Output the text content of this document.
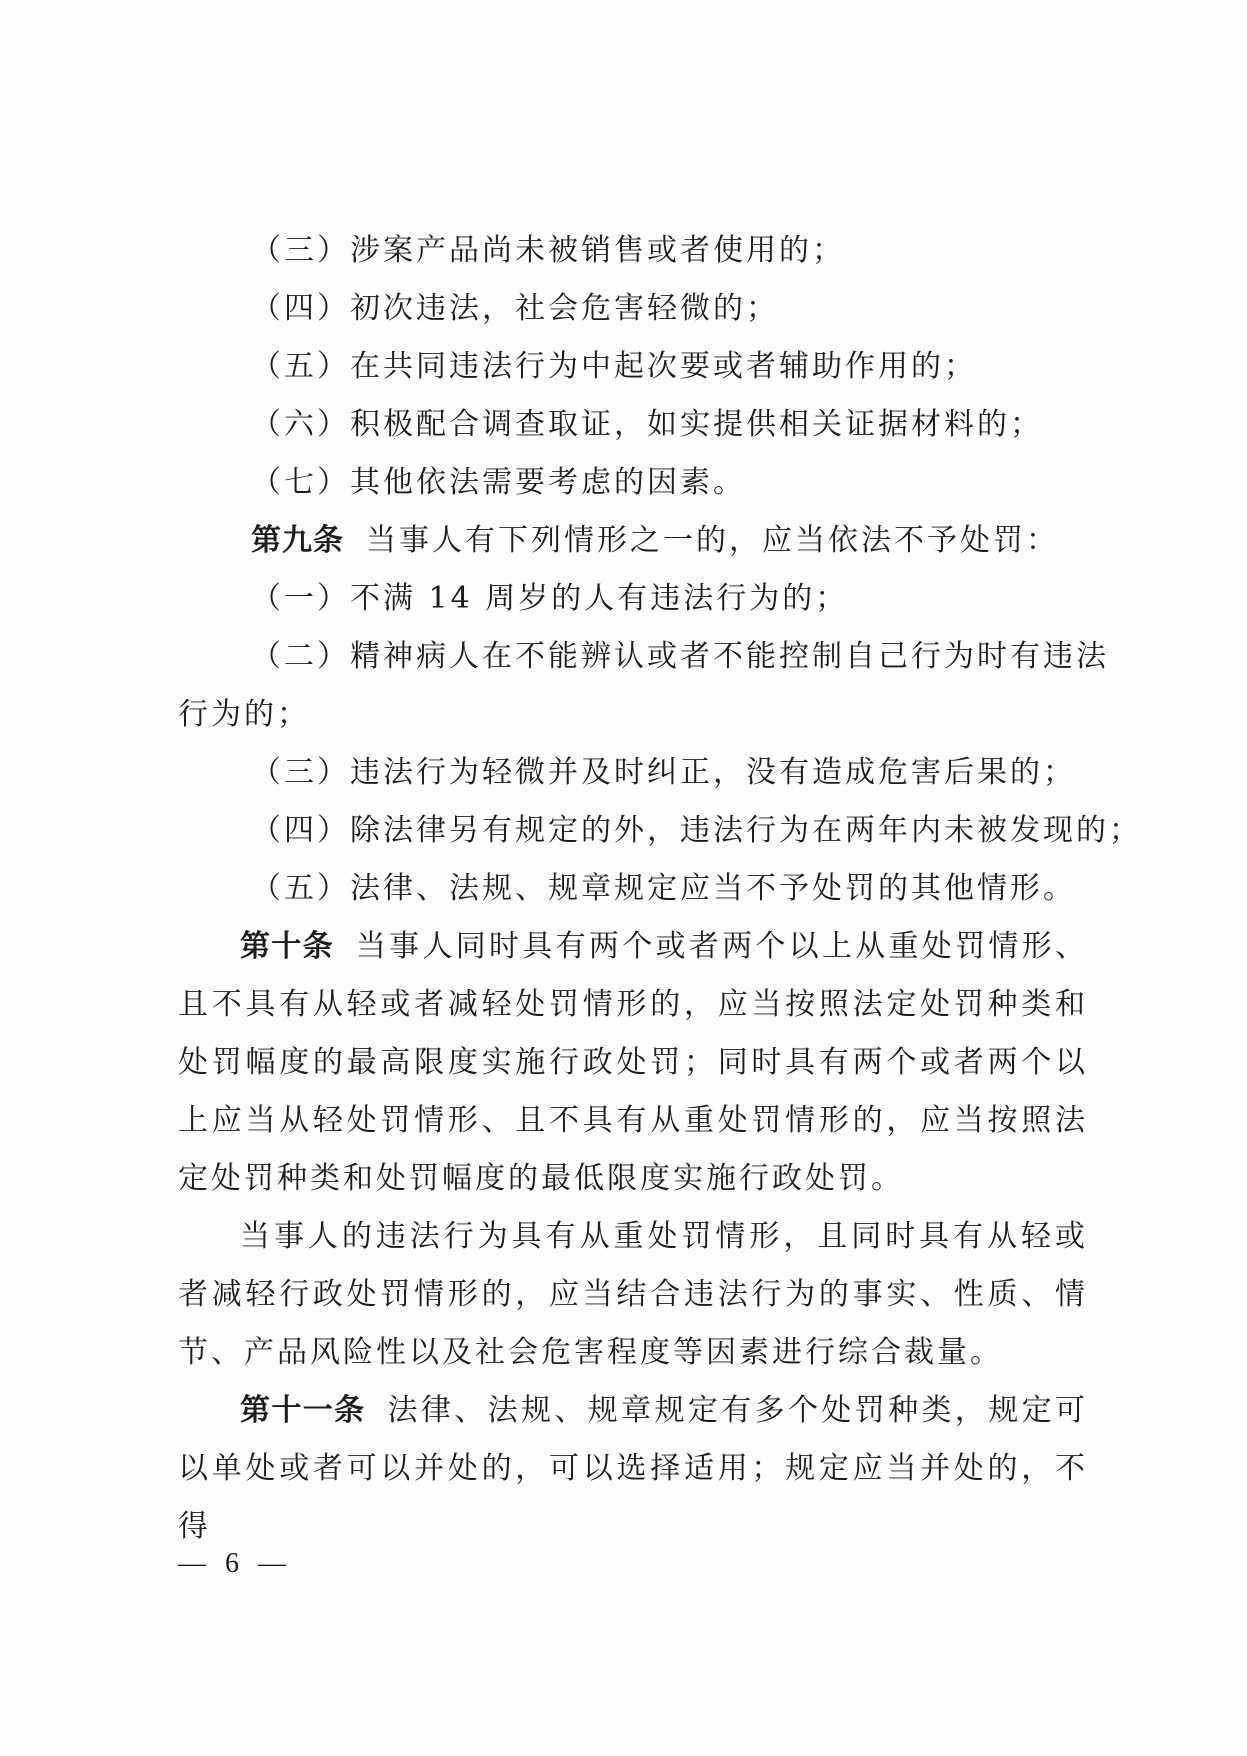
（三）涉案产品尚未被销售或者使用的；
（四）初次违法，社会危害轻微的；
（五）在共同违法行为中起次要或者辅助作用的；
（六）积极配合调查取证，如实提供相关证据材料的；
（七）其他依法需要考虑的因素。
第九条 当事人有下列情形之一的，应当依法不予处罚：
（一）不满 14 周岁的人有违法行为的；
（二）精神病人在不能辨认或者不能控制自己行为时有违法
行为的；
（三）违法行为轻微并及时纠正，没有造成危害后果的；
（四）除法律另有规定的外，违法行为在两年内未被发现的；
（五）法律、法规、规章规定应当不予处罚的其他情形。
第十条 当事人同时具有两个或者两个以上从重处罚情形、且不具有从轻或者减轻处罚情形的，应当按照法定处罚种类和处罚幅度的最高限度实施行政处罚；同时具有两个或者两个以上应当从轻处罚情形、且不具有从重处罚情形的，应当按照法定处罚种类和处罚幅度的最低限度实施行政处罚。
当事人的违法行为具有从重处罚情形，且同时具有从轻或者减轻行政处罚情形的，应当结合违法行为的事实、性质、情节、产品风险性以及社会危害程度等因素进行综合裁量。
第十一条 法律、法规、规章规定有多个处罚种类，规定可以单处或者可以并处的，可以选择适用；规定应当并处的，不得
— 6 —
